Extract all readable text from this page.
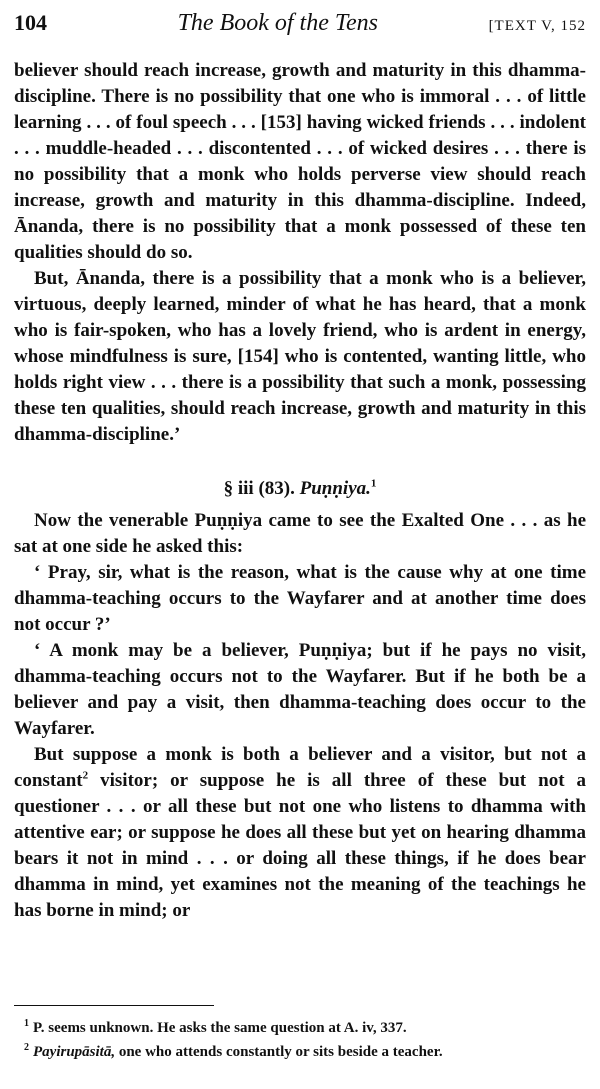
104	The Book of the Tens	[TEXT V, 152

believer should reach increase, growth and maturity in this dhamma-discipline. There is no possibility that one who is immoral . . . of little learning . . . of foul speech . . . [153] having wicked friends . . . indolent . . . muddle-headed . . . discontented . . . of wicked desires . . . there is no possibility that a monk who holds perverse view should reach increase, growth and maturity in this dhamma-discipline. Indeed, Ānanda, there is no possibility that a monk possessed of these ten qualities should do so.

But, Ānanda, there is a possibility that a monk who is a believer, virtuous, deeply learned, minder of what he has heard, that a monk who is fair-spoken, who has a lovely friend, who is ardent in energy, whose mindfulness is sure, [154] who is contented, wanting little, who holds right view . . . there is a possibility that such a monk, possessing these ten qualities, should reach increase, growth and maturity in this dhamma-discipline.’

§ iii (83). Puṇṇiya.$^1$

Now the venerable Puṇṇiya came to see the Exalted One . . . as he sat at one side he asked this:

‘ Pray, sir, what is the reason, what is the cause why at one time dhamma-teaching occurs to the Wayfarer and at another time does not occur ?’

‘ A monk may be a believer, Puṇṇiya; but if he pays no visit, dhamma-teaching occurs not to the Wayfarer. But if he both be a believer and pay a visit, then dhamma-teaching does occur to the Wayfarer.

But suppose a monk is both a believer and a visitor, but not a constant$^2$ visitor; or suppose he is all three of these but not a questioner . . . or all these but not one who listens to dhamma with attentive ear; or suppose he does all these but yet on hearing dhamma bears it not in mind . . . or doing all these things, if he does bear dhamma in mind, yet examines not the meaning of the teachings he has borne in mind; or

$^1$ P. seems unknown. He asks the same question at A. iv, 337.

$^2$ Payirupāsitā, one who attends constantly or sits beside a teacher.
